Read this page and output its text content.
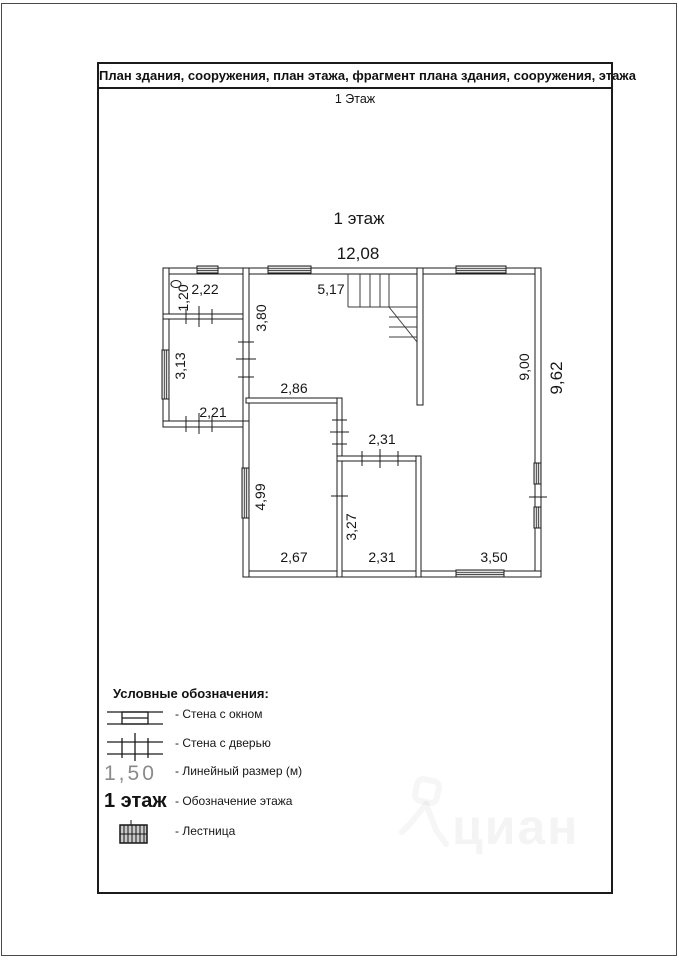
План здания, сооружения, план этажа, фрагмент плана здания, сооружения, этажа
1 Этаж
1 этаж
12,08
2,22
1,20	5,17
3,80
3,13
2,86
2,21
9,00 9,62
2,31
4,99
3,27
2,67	2,31	3,50
Условные обозначения:
- Стена с окном
- Стена с дверью
1,50 - Линейный размер (м)
1 этаж - Обозначение этажа
- Лестница
